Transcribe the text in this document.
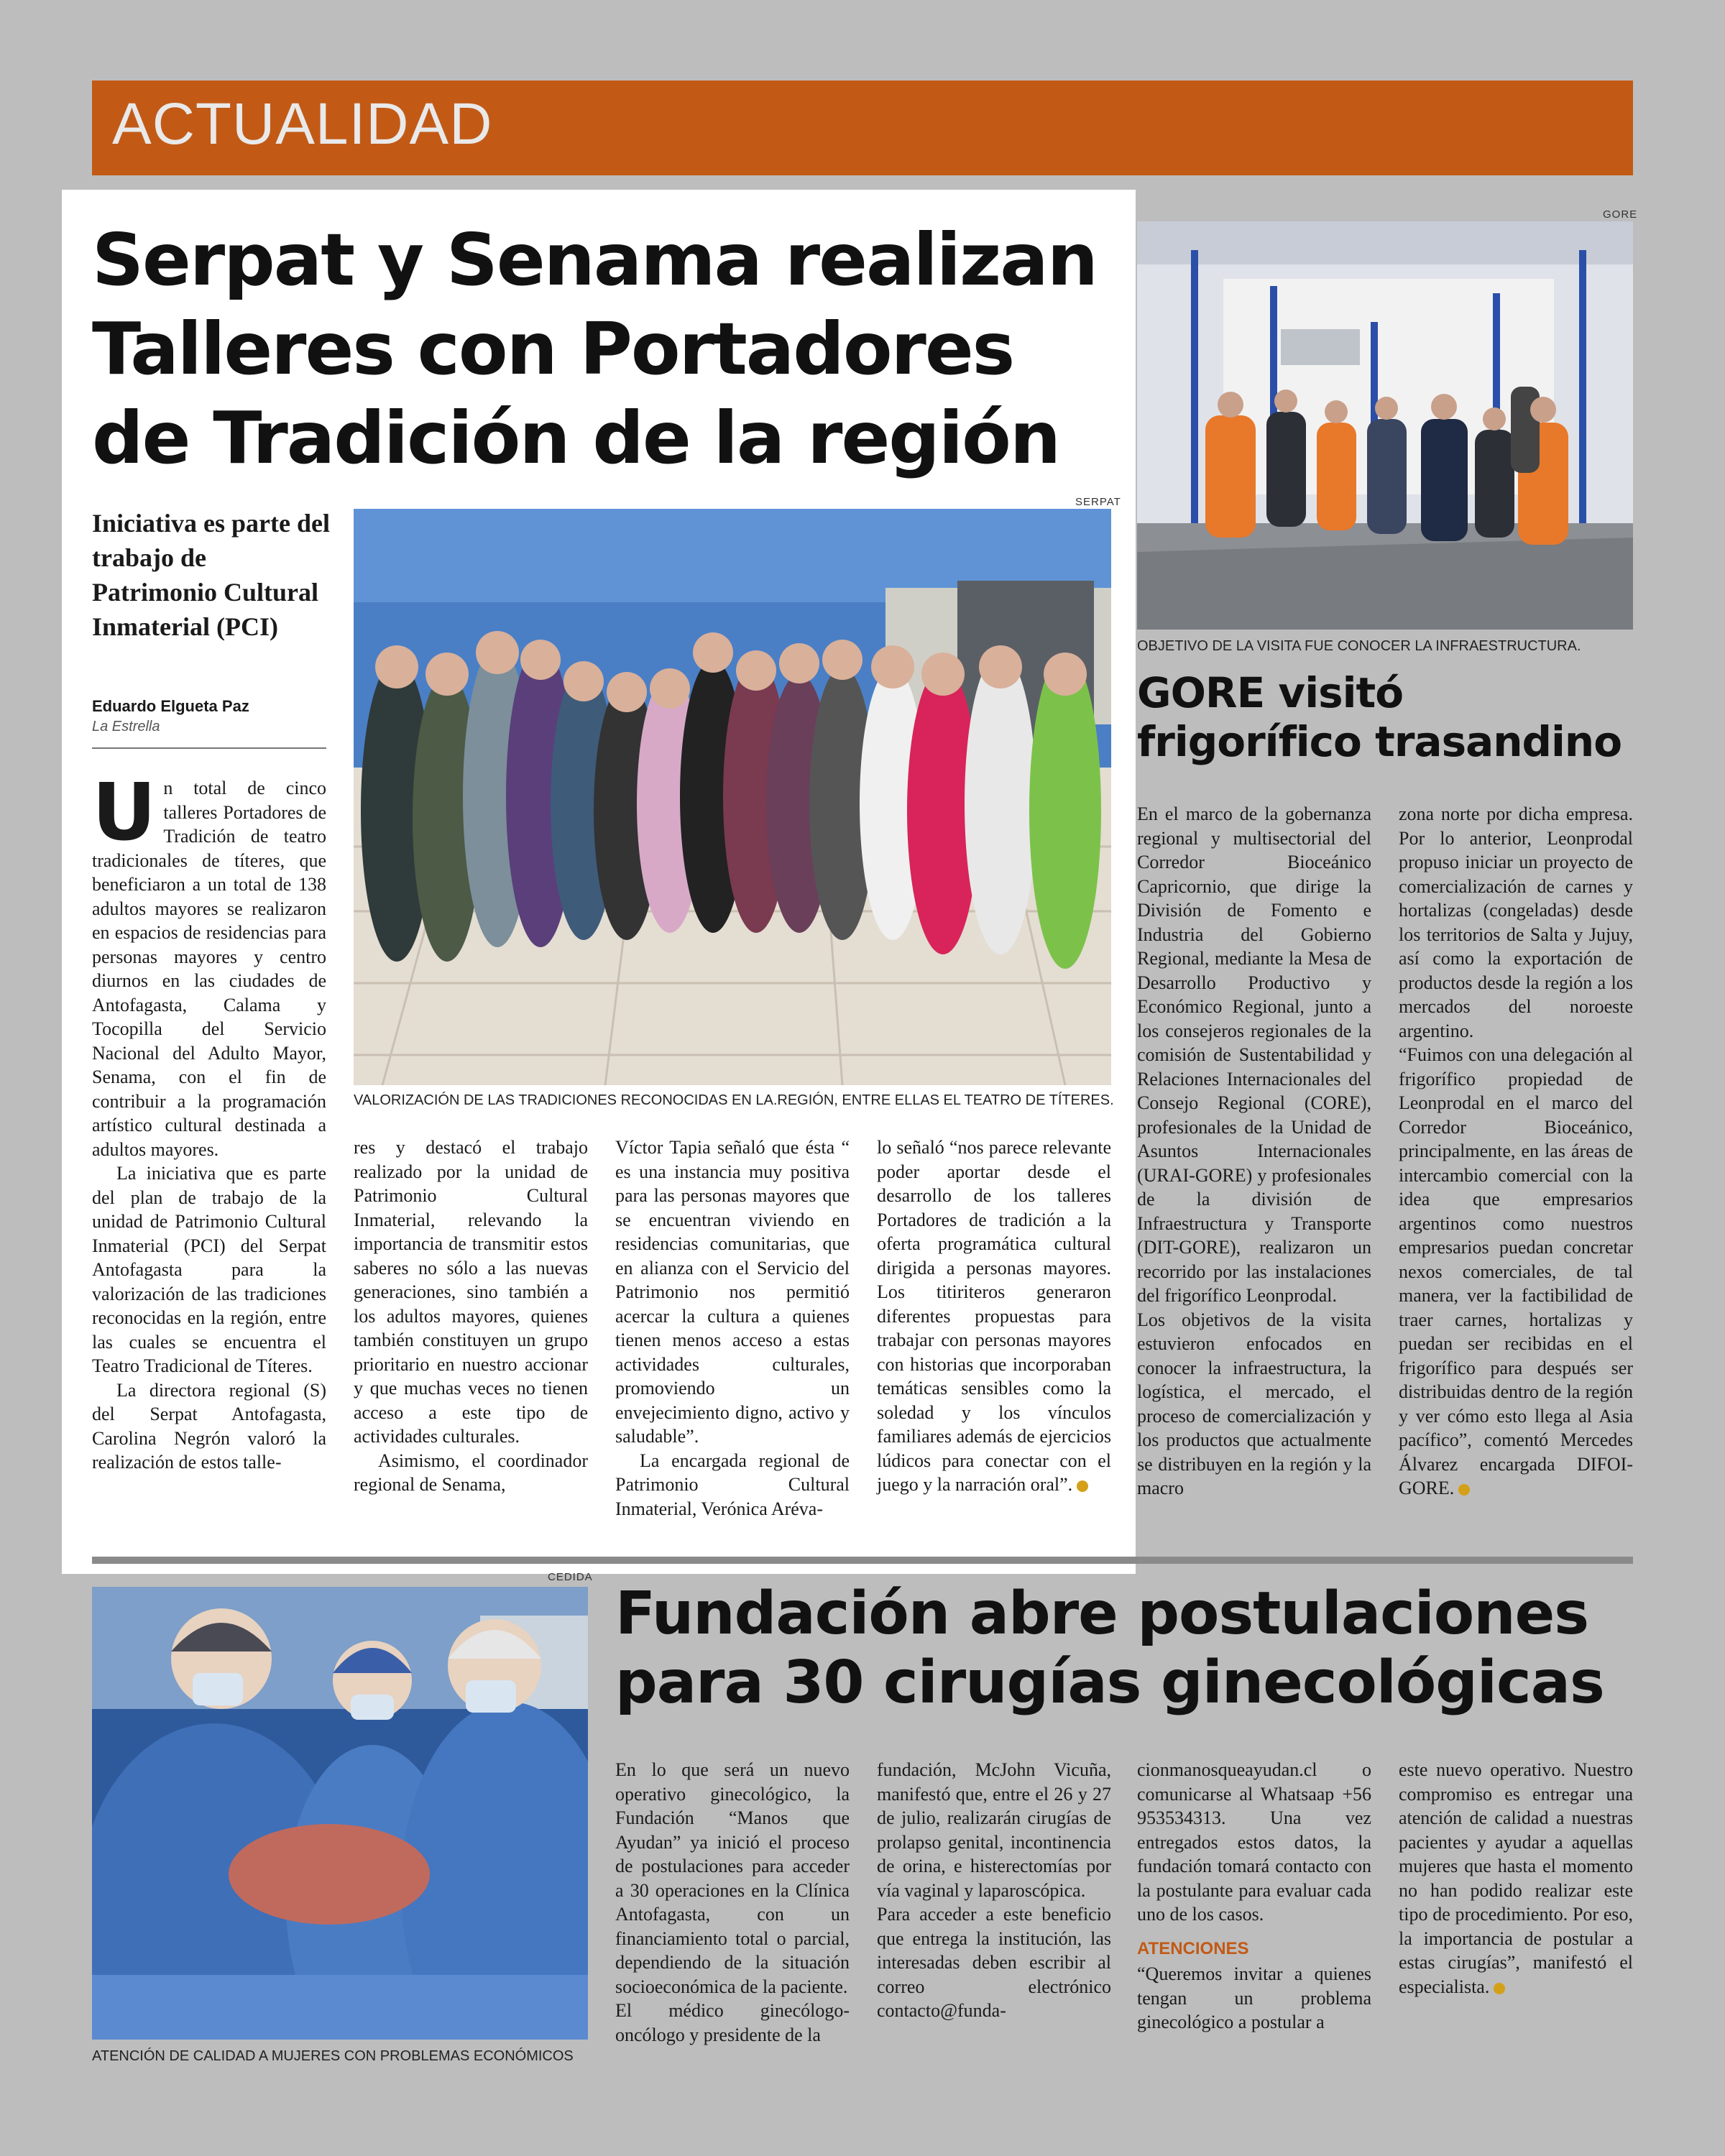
ACTUALIDAD
Serpat y Senama realizan Talleres con Portadores de Tradición de la región
Iniciativa es parte del trabajo de Patrimonio Cultural Inmaterial (PCI)
Eduardo Elgueta Paz
La Estrella
SERPAT
VALORIZACIÓN DE LAS TRADICIONES RECONOCIDAS EN LA.REGIÓN, ENTRE ELLAS EL TEATRO DE TÍTERES.
U n total de cinco talleres Portadores de Tradición de teatro tradicionales de títeres, que beneficiaron a un total de 138 adultos mayores se realizaron en espacios de residencias para personas mayores y centro diurnos en las ciudades de Antofagasta, Calama y Tocopilla del Servicio Nacional del Adulto Mayor, Senama, con el fin de contribuir a la programación artístico cultural destinada a adultos mayores.

La iniciativa que es parte del plan de trabajo de la unidad de Patrimonio Cultural Inmaterial (PCI) del Serpat Antofagasta para la valorización de las tradiciones reconocidas en la región, entre las cuales se encuentra el Teatro Tradicional de Títeres.

La directora regional (S) del Serpat Antofagasta, Carolina Negrón valoró la realización de estos talle-

res y destacó el trabajo realizado por la unidad de Patrimonio Cultural Inmaterial, relevando la importancia de transmitir estos saberes no sólo a las nuevas generaciones, sino también a los adultos mayores, quienes también constituyen un grupo prioritario en nuestro accionar y que muchas veces no tienen acceso a este tipo de actividades culturales.

Asimismo, el coordinador regional de Senama,

Víctor Tapia señaló que ésta “ es una instancia muy positiva para las personas mayores que se encuentran viviendo en residencias comunitarias, que en alianza con el Servicio del Patrimonio nos permitió acercar la cultura a quienes tienen menos acceso a estas actividades culturales, promoviendo un envejecimiento digno, activo y saludable”.

La encargada regional de Patrimonio Cultural Inmaterial, Verónica Aréva-

lo señaló “nos parece relevante poder aportar desde el desarrollo de los talleres Portadores de tradición a la oferta programática cultural dirigida a personas mayores. Los titiriteros generaron diferentes propuestas para trabajar con personas mayores con historias que incorporaban temáticas sensibles como la soledad y los vínculos familiares además de ejercicios lúdicos para conectar con el juego y la narración oral”.

GORE
OBJETIVO DE LA VISITA FUE CONOCER LA INFRAESTRUCTURA.
GORE visitó frigorífico trasandino

En el marco de la gobernanza regional y multisectorial del Corredor Bioceánico Capricornio, que dirige la División de Fomento e Industria del Gobierno Regional, mediante la Mesa de Desarrollo Productivo y Económico Regional, junto a los consejeros regionales de la comisión de Sustentabilidad y Relaciones Internacionales del Consejo Regional (CORE), profesionales de la Unidad de Asuntos Internacionales (URAI-GORE) y profesionales de la división de Infraestructura y Transporte (DIT-GORE), realizaron un recorrido por las instalaciones del frigorífico Leonprodal.

Los objetivos de la visita estuvieron enfocados en conocer la infraestructura, la logística, el mercado, el proceso de comercialización y los productos que actualmente se distribuyen en la región y la macro

zona norte por dicha empresa. Por lo anterior, Leonprodal propuso iniciar un proyecto de comercialización de carnes y hortalizas (congeladas) desde los territorios de Salta y Jujuy, así como la exportación de productos desde la región a los mercados del noroeste argentino.

“Fuimos con una delegación al frigorífico propiedad de Leonprodal en el marco del Corredor Bioceánico, principalmente, en las áreas de intercambio comercial con la idea que empresarios argentinos como nuestros empresarios puedan concretar nexos comerciales, de tal manera, ver la factibilidad de traer carnes, hortalizas y puedan ser recibidas en el frigorífico para después ser distribuidas dentro de la región y ver cómo esto llega al Asia pacífico”, comentó Mercedes Álvarez encargada DIFOI-GORE.

CEDIDA
ATENCIÓN DE CALIDAD A MUJERES CON PROBLEMAS ECONÓMICOS
Fundación abre postulaciones para 30 cirugías ginecológicas

En lo que será un nuevo operativo ginecológico, la Fundación “Manos que Ayudan” ya inició el proceso de postulaciones para acceder a 30 operaciones en la Clínica Antofagasta, con un financiamiento total o parcial, dependiendo de la situación socioeconómica de la paciente.

El médico ginecólogo-oncólogo y presidente de la

fundación, McJohn Vicuña, manifestó que, entre el 26 y 27 de julio, realizarán cirugías de prolapso genital, incontinencia de orina, e histerectomías por vía vaginal y laparoscópica.

Para acceder a este beneficio que entrega la institución, las interesadas deben escribir al correo electrónico contacto@funda-

cionmanosqueayudan.cl o comunicarse al Whatsaap +56 953534313. Una vez entregados estos datos, la fundación tomará contacto con la postulante para evaluar cada uno de los casos.

ATENCIONES

“Queremos invitar a quienes tengan un problema ginecológico a postular a

este nuevo operativo. Nuestro compromiso es entregar una atención de calidad a nuestras pacientes y ayudar a aquellas mujeres que hasta el momento no han podido realizar este tipo de procedimiento. Por eso, la importancia de postular a estas cirugías”, manifestó el especialista.
